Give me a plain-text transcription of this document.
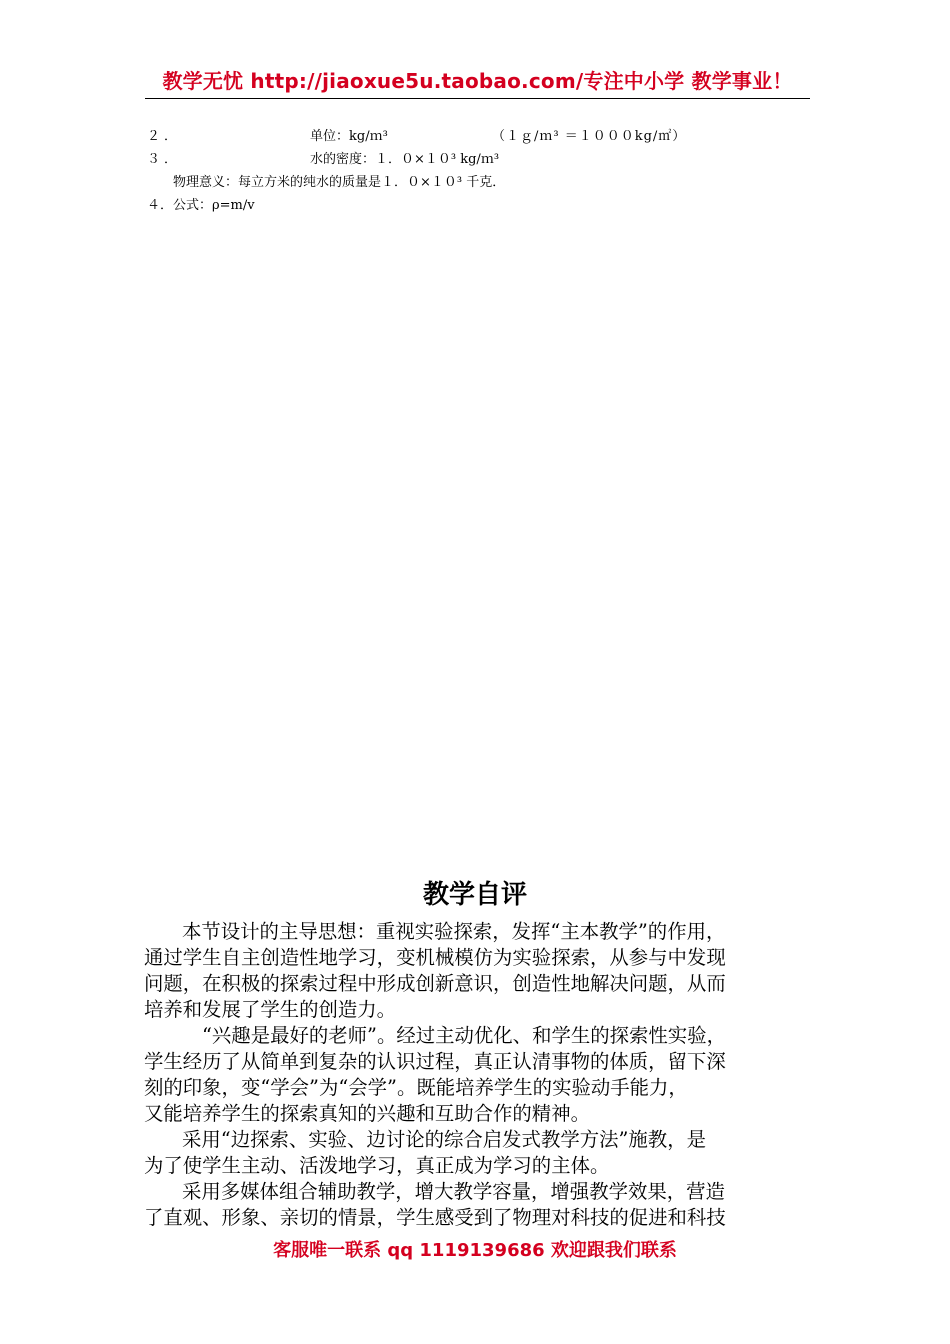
教学无忧 http://jiaoxue5u.taobao.com/专注中小学 教学事业！
２．	单位：kg/ｍ³	（１ｇ/ｍ³ ＝１０００kg/㎡）
３．	水的密度：１．０×１０³ kg/ｍ³
物理意义：每立方米的纯水的质量是１．０×１０³ 千克．
４．公式：ρ=m/v
教学自评
本节设计的主导思想：重视实验探索，发挥“主本教学”的作用，
通过学生自主创造性地学习，变机械模仿为实验探索，从参与中发现
问题，在积极的探索过程中形成创新意识，创造性地解决问题，从而
培养和发展了学生的创造力。
“兴趣是最好的老师”。经过主动优化、和学生的探索性实验，
学生经历了从简单到复杂的认识过程，真正认清事物的体质，留下深
刻的印象，变“学会”为“会学”。既能培养学生的实验动手能力，
又能培养学生的探索真知的兴趣和互助合作的精神。
采用“边探索、实验、边讨论的综合启发式教学方法”施教，是
为了使学生主动、活泼地学习，真正成为学习的主体。
采用多媒体组合辅助教学，增大教学容量，增强教学效果，营造
了直观、形象、亲切的情景，学生感受到了物理对科技的促进和科技
客服唯一联系 qq 1119139686 欢迎跟我们联系
